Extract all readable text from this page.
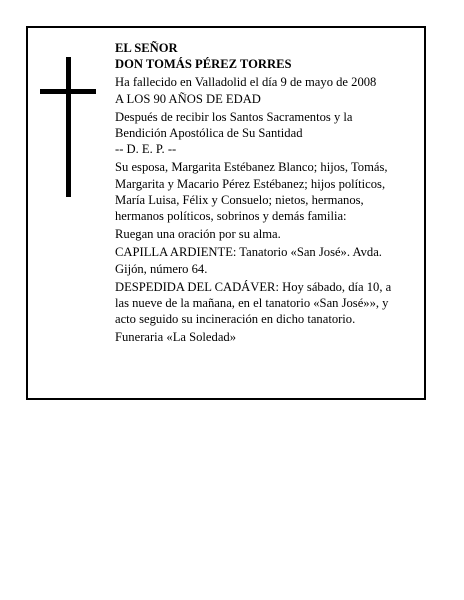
EL SEÑOR
DON TOMÁS PÉREZ TORRES
Ha fallecido en Valladolid el día 9 de mayo de 2008
A LOS 90 AÑOS DE EDAD
Después de recibir los Santos Sacramentos y la
Bendición Apostólica de Su Santidad
-- D. E. P. --
Su esposa, Margarita Estébanez Blanco; hijos, Tomás,
Margarita y Macario Pérez Estébanez; hijos políticos,
María Luisa, Félix y Consuelo; nietos, hermanos,
hermanos políticos, sobrinos y demás familia:
Ruegan una oración por su alma.
CAPILLA ARDIENTE: Tanatorio «San José». Avda.
Gijón, número 64.
DESPEDIDA DEL CADÁVER: Hoy sábado, día 10, a
las nueve de la mañana, en el tanatorio «San José»», y
acto seguido su incineración en dicho tanatorio.
Funeraria «La Soledad»
